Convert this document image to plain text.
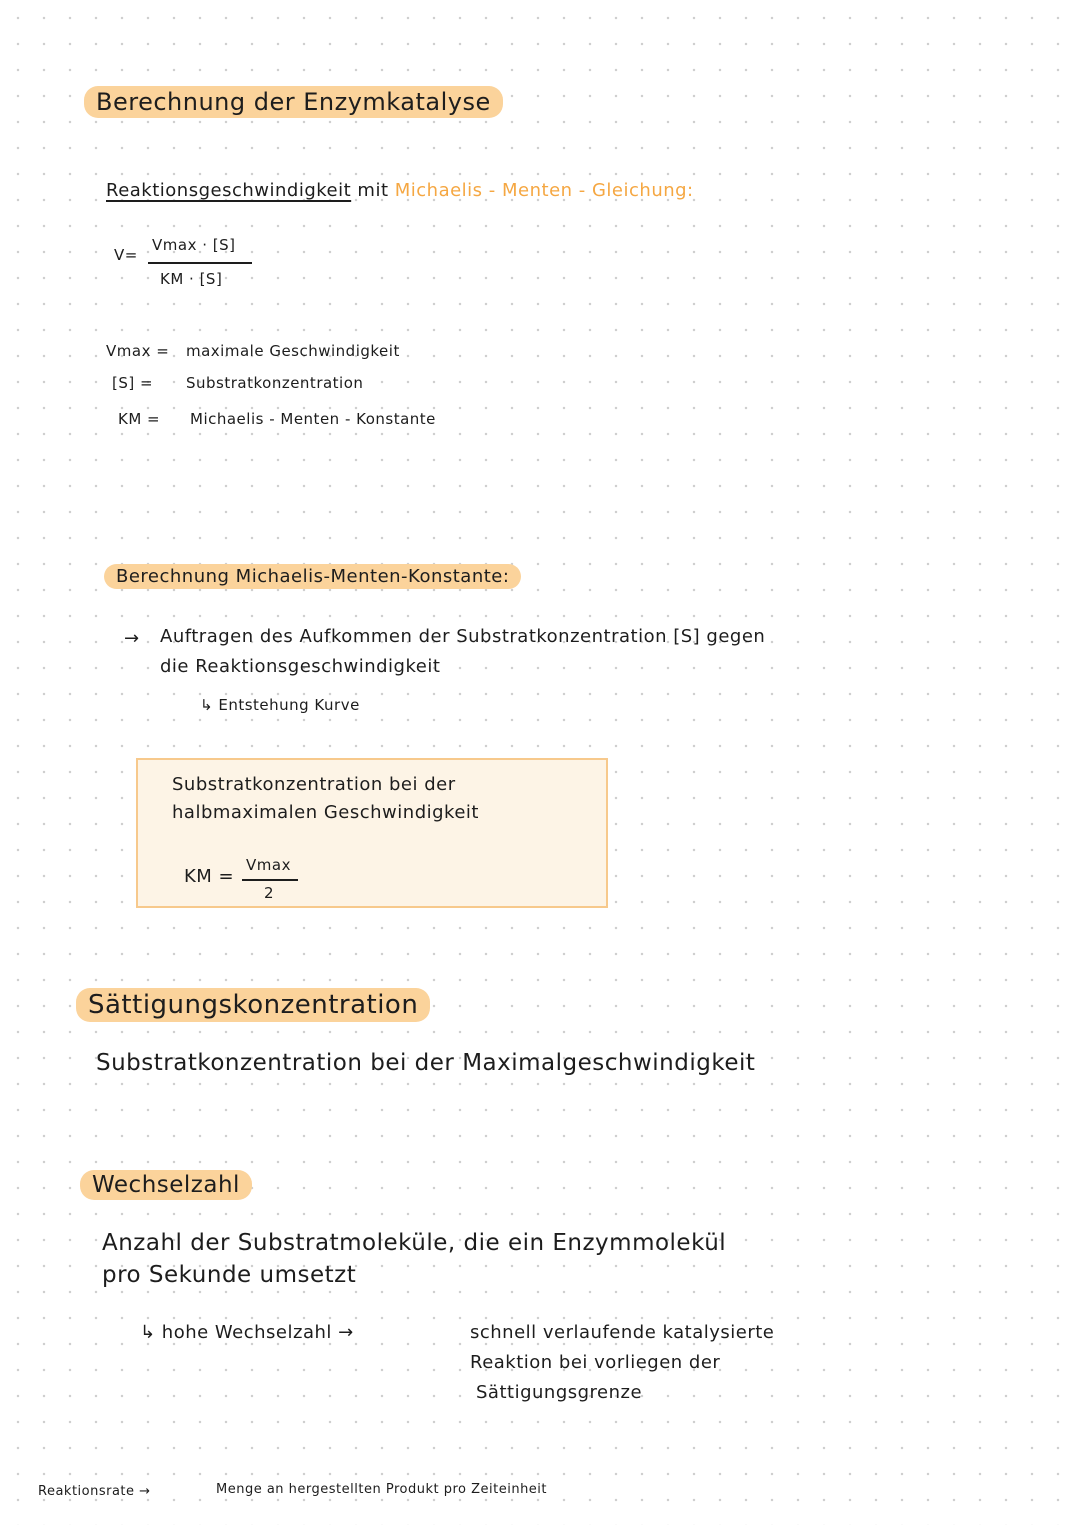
Berechnung der Enzymkatalyse
Reaktionsgeschwindigkeit mit Michaelis - Menten - Gleichung:
V=
Vmax · [S]
KM · [S]
Vmax = maximale Geschwindigkeit
[S] = Substratkonzentration
KM = Michaelis - Menten - Konstante
Berechnung Michaelis-Menten-Konstante:
→ Auftragen des Aufkommen der Substratkonzentration [S] gegen
die Reaktionsgeschwindigkeit
↳ Entstehung Kurve
Substratkonzentration bei der
halbmaximalen Geschwindigkeit
KM =
Vmax
2
Sättigungskonzentration
Substratkonzentration bei der Maximalgeschwindigkeit
Wechselzahl
Anzahl der Substratmoleküle, die ein Enzymmolekül
pro Sekunde umsetzt
↳ hohe Wechselzahl →	schnell verlaufende katalysierte
Reaktion bei vorliegen der
Sättigungsgrenze
Reaktionsrate →	Menge an hergestellten Produkt pro Zeiteinheit
